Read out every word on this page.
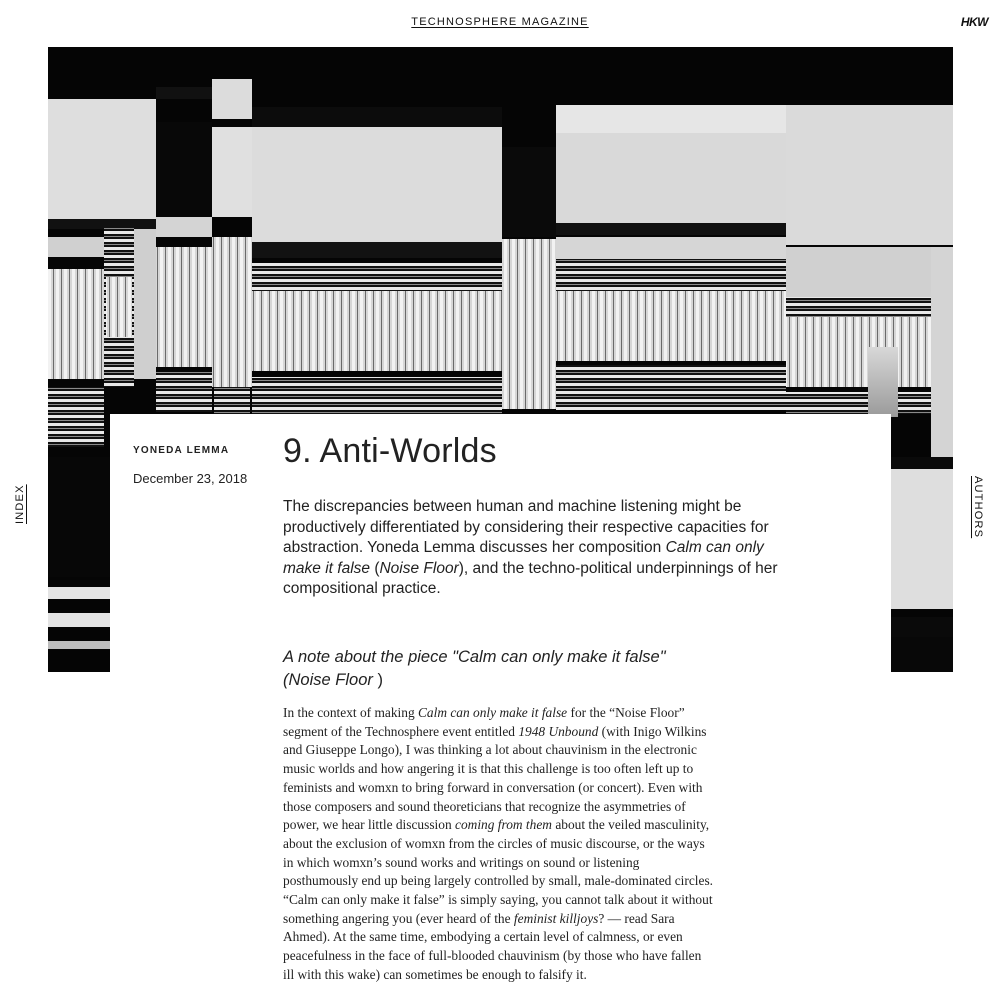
TECHNOSPHERE MAGAZINE	HKW
INDEX	AUTHORS
YONEDA LEMMA
December 23, 2018
9. Anti-Worlds

The discrepancies between human and machine listening might be productively differentiated by considering their respective capacities for abstraction. Yoneda Lemma discusses her composition Calm can only make it false (Noise Floor), and the techno-political underpinnings of her compositional practice.

A note about the piece "Calm can only make it false" (Noise Floor )

In the context of making Calm can only make it false for the “Noise Floor” segment of the Technosphere event entitled 1948 Unbound (with Inigo Wilkins and Giuseppe Longo), I was thinking a lot about chauvinism in the electronic music worlds and how angering it is that this challenge is too often left up to feminists and womxn to bring forward in conversation (or concert). Even with those composers and sound theoreticians that recognize the asymmetries of power, we hear little discussion coming from them about the veiled masculinity, about the exclusion of womxn from the circles of music discourse, or the ways in which womxn’s sound works and writings on sound or listening posthumously end up being largely controlled by small, male-dominated circles. “Calm can only make it false” is simply saying, you cannot talk about it without something angering you (ever heard of the feminist killjoys? — read Sara Ahmed). At the same time, embodying a certain level of calmness, or even peacefulness in the face of full-blooded chauvinism (by those who have fallen ill with this wake) can sometimes be enough to falsify it.
